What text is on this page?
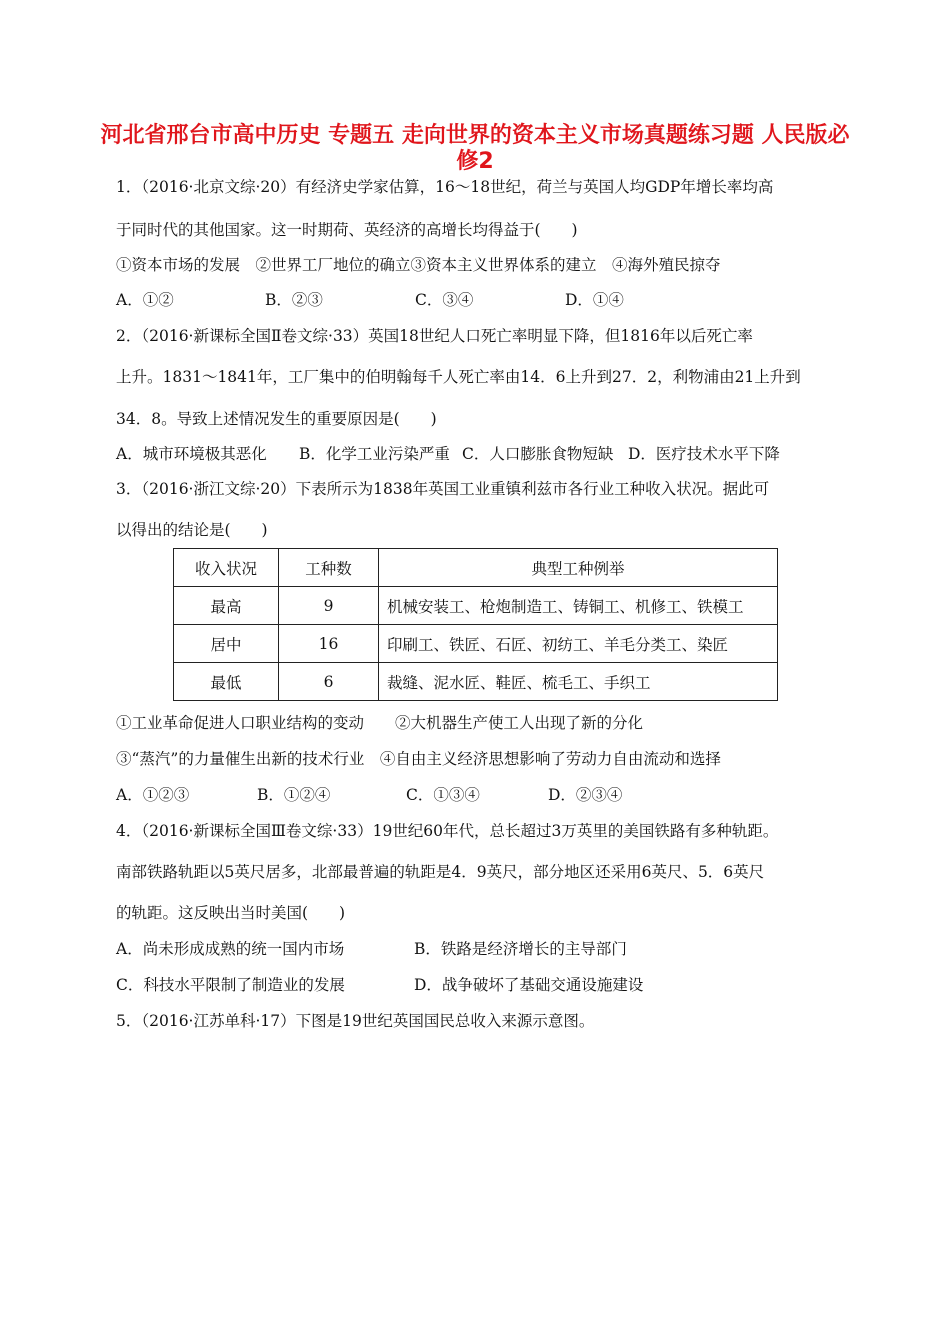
河北省邢台市高中历史 专题五 走向世界的资本主义市场真题练习题 人民版必修2
1．（2016·北京文综·20）有经济史学家估算，16～18世纪，荷兰与英国人均GDP年增长率均高
于同时代的其他国家。这一时期荷、英经济的高增长均得益于(　　)
①资本市场的发展　②世界工厂地位的确立③资本主义世界体系的建立　④海外殖民掠夺
A．①②	B．②③	C．③④	D．①④
2．（2016·新课标全国Ⅱ卷文综·33）英国18世纪人口死亡率明显下降，但1816年以后死亡率
上升。1831～1841年，工厂集中的伯明翰每千人死亡率由14．6上升到27．2，利物浦由21上升到
34．8。导致上述情况发生的重要原因是(　　)
A．城市环境极其恶化 B．化学工业污染严重 C．人口膨胀食物短缺 D．医疗技术水平下降
3．（2016·浙江文综·20）下表所示为1838年英国工业重镇利兹市各行业工种收入状况。据此可
以得出的结论是(　　)
收入状况	工种数	典型工种例举
最高	9	机械安装工、枪炮制造工、铸铜工、机修工、铁模工
居中	16	印刷工、铁匠、石匠、初纺工、羊毛分类工、染匠
最低	6	裁缝、泥水匠、鞋匠、梳毛工、手织工
①工业革命促进人口职业结构的变动　　②大机器生产使工人出现了新的分化
③“蒸汽”的力量催生出新的技术行业　④自由主义经济思想影响了劳动力自由流动和选择
A．①②③	B．①②④	C．①③④	D．②③④
4．（2016·新课标全国Ⅲ卷文综·33）19世纪60年代，总长超过3万英里的美国铁路有多种轨距。
南部铁路轨距以5英尺居多，北部最普遍的轨距是4．9英尺，部分地区还采用6英尺、5．6英尺
的轨距。这反映出当时美国(　　)
A．尚未形成成熟的统一国内市场	B．铁路是经济增长的主导部门
C．科技水平限制了制造业的发展	D．战争破坏了基础交通设施建设
5．（2016·江苏单科·17）下图是19世纪英国国民总收入来源示意图。
